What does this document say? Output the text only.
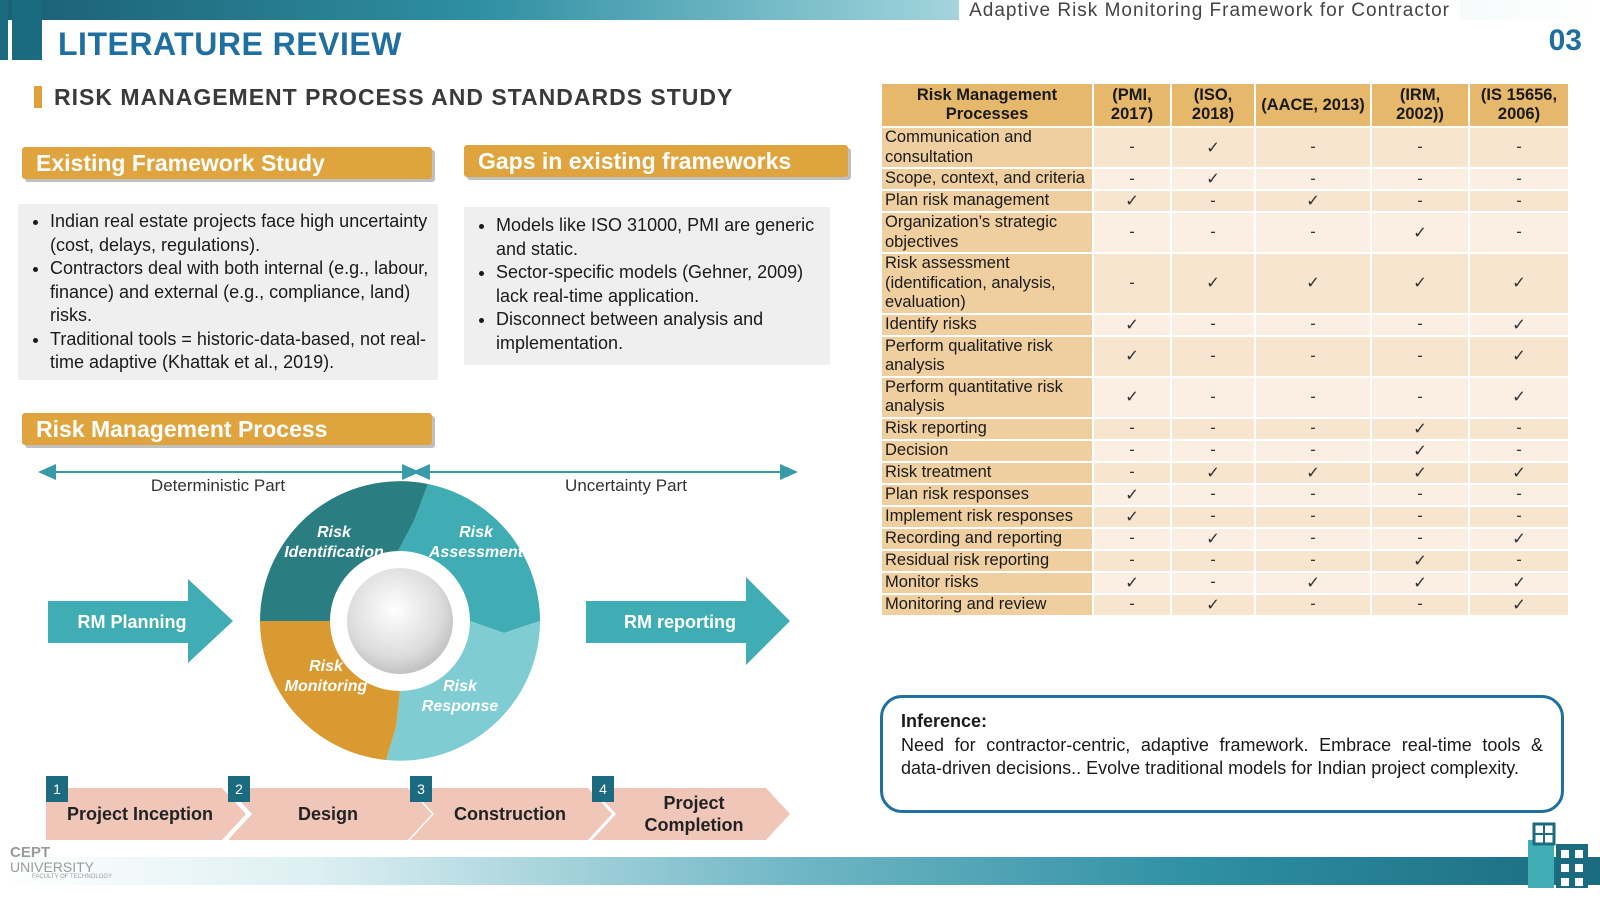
Adaptive Risk Monitoring Framework for Contractor
LITERATURE REVIEW	03
RISK MANAGEMENT PROCESS AND STANDARDS STUDY
Existing Framework Study
• Indian real estate projects face high uncertainty (cost, delays, regulations).
• Contractors deal with both internal (e.g., labour, finance) and external (e.g., compliance, land) risks.
• Traditional tools = historic-data-based, not real-time adaptive (Khattak et al., 2019).
Gaps in existing frameworks
• Models like ISO 31000, PMI are generic and static.
• Sector-specific models (Gehner, 2009) lack real-time application.
• Disconnect between analysis and implementation.
Risk Management Process
Deterministic Part	Uncertainty Part
RM Planning	RM reporting
Risk
Identification
Risk
Assessment
Risk
Monitoring	Risk
Response
1	2	3	4
Project Inception	Design	Construction
Project Completion
Risk Management Processes	(PMI, 2017)	(ISO, 2018)	(AACE, 2013)	(IRM, 2002))	(IS 15656, 2006)
Communication and consultation	-	✓	-	-	-
Scope, context, and criteria	-	✓	-	-	-
Plan risk management	✓	-	✓	-	-
Organization’s strategic objectives	-	-	-	✓	-
Risk assessment (identification, analysis, evaluation)	-	✓	✓	✓	✓
Identify risks	✓	-	-	-	✓
Perform qualitative risk analysis	✓	-	-	-	✓
Perform quantitative risk analysis	✓	-	-	-	✓
Risk reporting	-	-	-	✓	-
Decision	-	-	-	✓	-
Risk treatment	-	✓	✓	✓	✓
Plan risk responses	✓	-	-	-	-
Implement risk responses	✓	-	-	-	-
Recording and reporting	-	✓	-	-	✓
Residual risk reporting	-	-	-	✓	-
Monitor risks	✓	-	✓	✓	✓
Monitoring and review	-	✓	-	-	✓
Inference:
Need for contractor-centric, adaptive framework. Embrace real-time tools & data-driven decisions.. Evolve traditional models for Indian project complexity.
CEPT
UNIVERSITY
FACULTY OF TECHNOLOGY
